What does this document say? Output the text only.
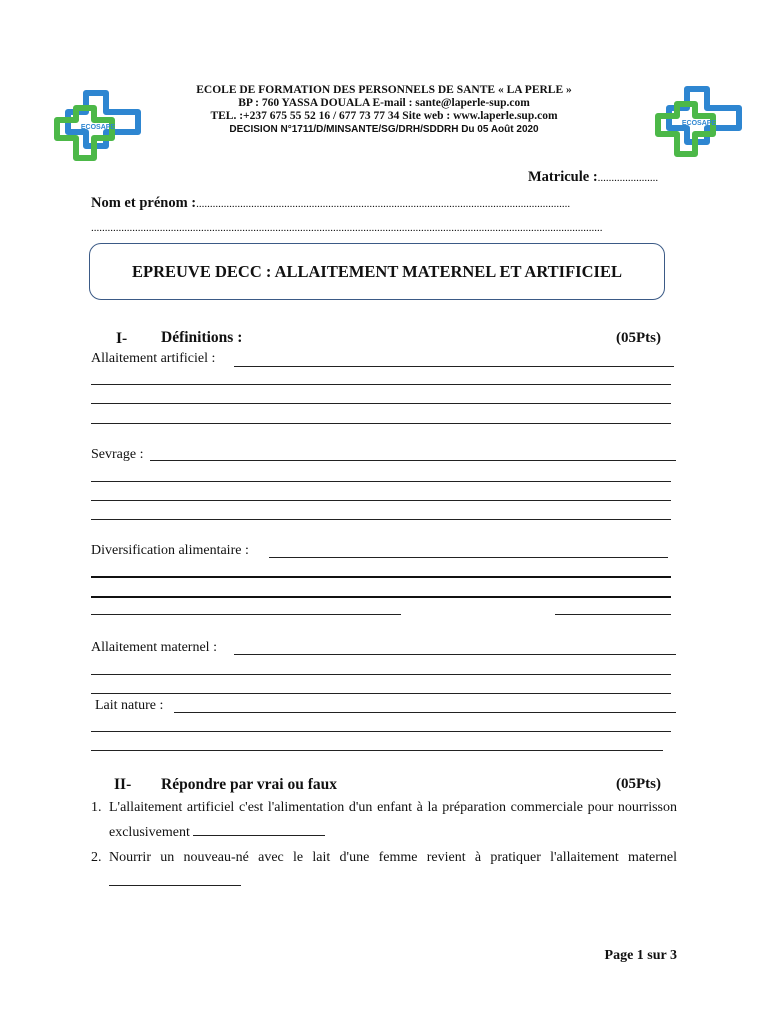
ECOSAPE
ECOSAPE
ECOLE DE FORMATION DES PERSONNELS DE SANTE « LA PERLE »
BP : 760 YASSA DOUALA E-mail : sante@laperle-sup.com
TEL. :+237 675 55 52 16 / 677 73 77 34 Site web : www.laperle.sup.com
DECISION N°1711/D/MINSANTE/SG/DRH/SDDRH Du 05 Août 2020
Matricule :......................
Nom et prénom :........................................................................................................................................
..........................................................................................................................................................................................
EPREUVE DECC : ALLAITEMENT MATERNEL ET ARTIFICIEL
I- Définitions :	(05Pts)
Allaitement artificiel :
Sevrage :
Diversification alimentaire :
Allaitement maternel :
Lait nature :
II- Répondre par vrai ou faux	(05Pts)
1. L'allaitement artificiel c'est l'alimentation d'un enfant à la préparation commerciale pour nourrisson exclusivement
2. Nourrir un nouveau-né avec le lait d'une femme revient à pratiquer l'allaitement maternel
Page 1 sur 3
